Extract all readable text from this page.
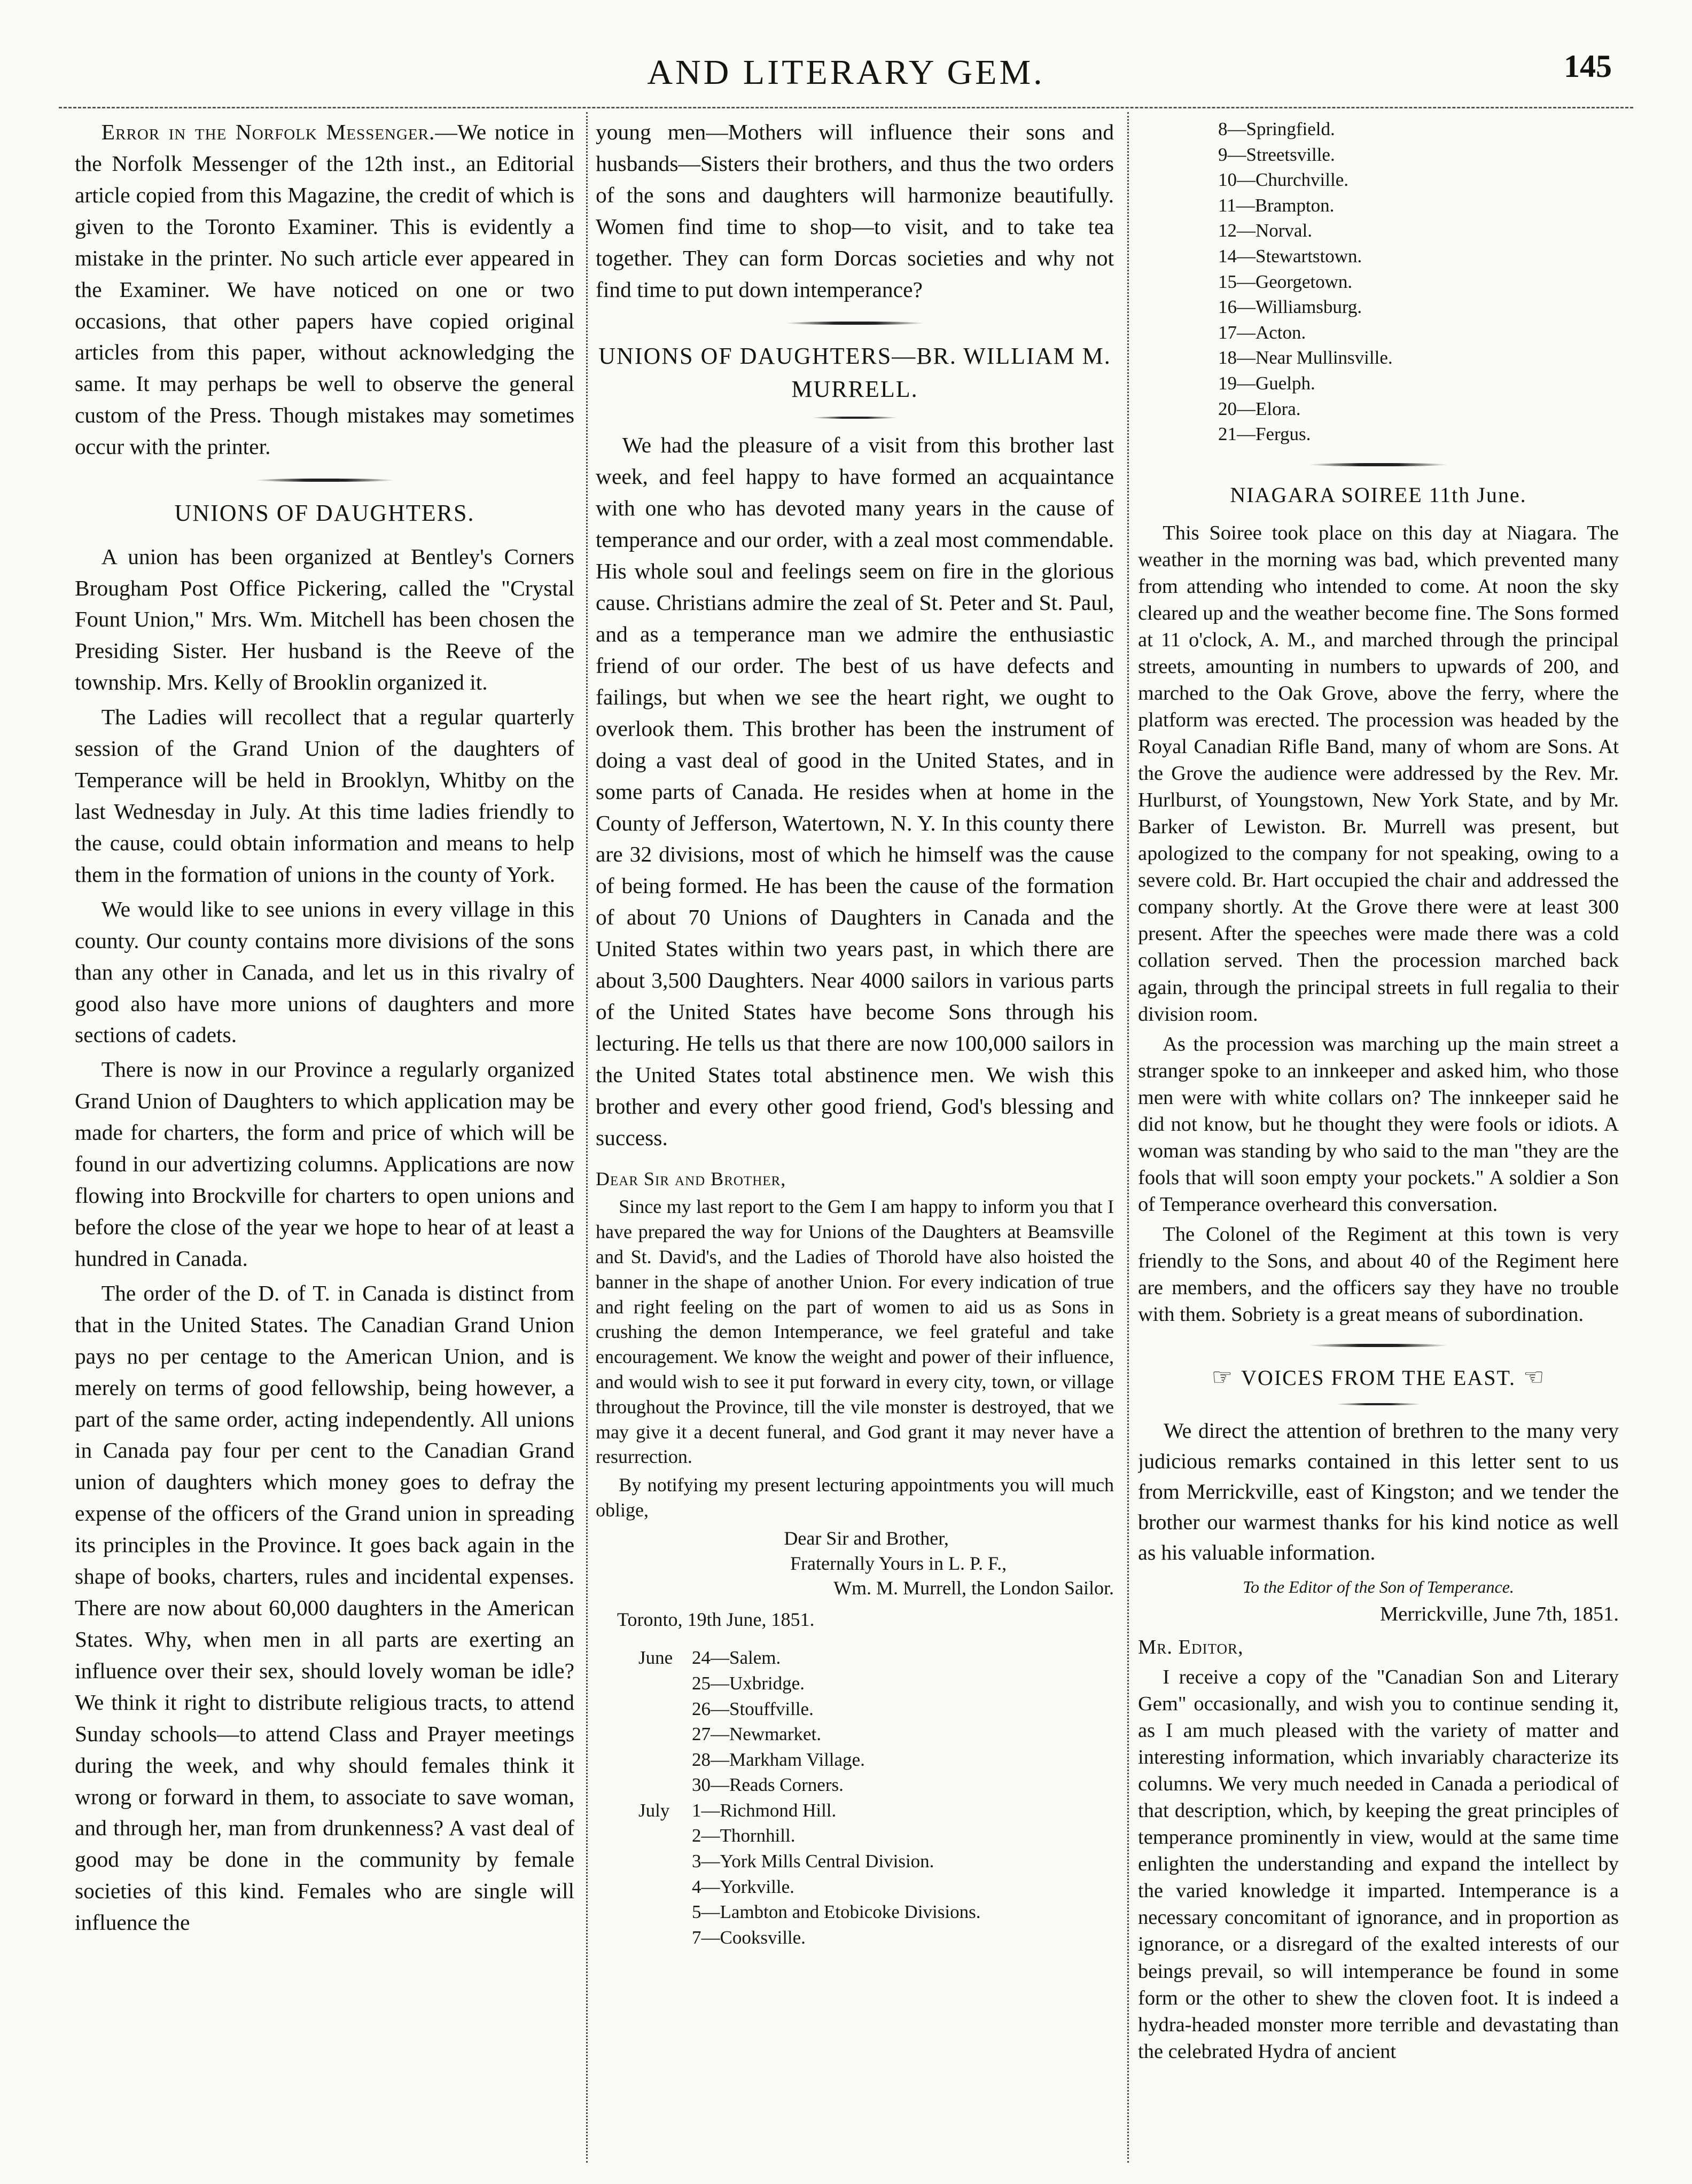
AND LITERARY GEM.	145

Error in the Norfolk Messenger.—We notice in the Norfolk Messenger of the 12th inst., an Editorial article copied from this Magazine, the credit of which is given to the Toronto Examiner. This is evidently a mistake in the printer. No such article ever appeared in the Examiner. We have noticed on one or two occasions, that other papers have copied original articles from this paper, without acknowledging the same. It may perhaps be well to observe the general custom of the Press. Though mistakes may sometimes occur with the printer.

UNIONS OF DAUGHTERS.

A union has been organized at Bentley's Corners Brougham Post Office Pickering, called the "Crystal Fount Union," Mrs. Wm. Mitchell has been chosen the Presiding Sister. Her husband is the Reeve of the township. Mrs. Kelly of Brooklin organized it.

The Ladies will recollect that a regular quarterly session of the Grand Union of the daughters of Temperance will be held in Brooklyn, Whitby on the last Wednesday in July. At this time ladies friendly to the cause, could obtain information and means to help them in the formation of unions in the county of York.

We would like to see unions in every village in this county. Our county contains more divisions of the sons than any other in Canada, and let us in this rivalry of good also have more unions of daughters and more sections of cadets.

There is now in our Province a regularly organized Grand Union of Daughters to which application may be made for charters, the form and price of which will be found in our advertizing columns. Applications are now flowing into Brockville for charters to open unions and before the close of the year we hope to hear of at least a hundred in Canada.

The order of the D. of T. in Canada is distinct from that in the United States. The Canadian Grand Union pays no per centage to the American Union, and is merely on terms of good fellowship, being however, a part of the same order, acting independently. All unions in Canada pay four per cent to the Canadian Grand union of daughters which money goes to defray the expense of the officers of the Grand union in spreading its principles in the Province. It goes back again in the shape of books, charters, rules and incidental expenses. There are now about 60,000 daughters in the American States. Why, when men in all parts are exerting an influence over their sex, should lovely woman be idle? We think it right to distribute religious tracts, to attend Sunday schools—to attend Class and Prayer meetings during the week, and why should females think it wrong or forward in them, to associate to save woman, and through her, man from drunkenness? A vast deal of good may be done in the community by female societies of this kind. Females who are single will influence the

young men—Mothers will influence their sons and husbands—Sisters their brothers, and thus the two orders of the sons and daughters will harmonize beautifully. Women find time to shop—to visit, and to take tea together. They can form Dorcas societies and why not find time to put down intemperance?

UNIONS OF DAUGHTERS—BR. WILLIAM M. MURRELL.

We had the pleasure of a visit from this brother last week, and feel happy to have formed an acquaintance with one who has devoted many years in the cause of temperance and our order, with a zeal most commendable. His whole soul and feelings seem on fire in the glorious cause. Christians admire the zeal of St. Peter and St. Paul, and as a temperance man we admire the enthusiastic friend of our order. The best of us have defects and failings, but when we see the heart right, we ought to overlook them. This brother has been the instrument of doing a vast deal of good in the United States, and in some parts of Canada. He resides when at home in the County of Jefferson, Watertown, N. Y. In this county there are 32 divisions, most of which he himself was the cause of being formed. He has been the cause of the formation of about 70 Unions of Daughters in Canada and the United States within two years past, in which there are about 3,500 Daughters. Near 4000 sailors in various parts of the United States have become Sons through his lecturing. He tells us that there are now 100,000 sailors in the United States total abstinence men. We wish this brother and every other good friend, God's blessing and success.

Dear Sir and Brother,

Since my last report to the Gem I am happy to inform you that I have prepared the way for Unions of the Daughters at Beamsville and St. David's, and the Ladies of Thorold have also hoisted the banner in the shape of another Union. For every indication of true and right feeling on the part of women to aid us as Sons in crushing the demon Intemperance, we feel grateful and take encouragement. We know the weight and power of their influence, and would wish to see it put forward in every city, town, or village throughout the Province, till the vile monster is destroyed, that we may give it a decent funeral, and God grant it may never have a resurrection.

By notifying my present lecturing appointments you will much oblige,

Dear Sir and Brother,

Fraternally Yours in L. P. F.,

Wm. M. Murrell, the London Sailor.

Toronto, 19th June, 1851.

June 24—Salem.
25—Uxbridge.
26—Stouffville.
27—Newmarket.
28—Markham Village.
30—Reads Corners.
July 1—Richmond Hill.
2—Thornhill.
3—York Mills Central Division.
4—Yorkville.
5—Lambton and Etobicoke Divisions.
7—Cooksville.
8—Springfield.
9—Streetsville.
10—Churchville.
11—Brampton.
12—Norval.
14—Stewartstown.
15—Georgetown.
16—Williamsburg.
17—Acton.
18—Near Mullinsville.
19—Guelph.
20—Elora.
21—Fergus.
NIAGARA SOIREE 11th June.

This Soiree took place on this day at Niagara. The weather in the morning was bad, which prevented many from attending who intended to come. At noon the sky cleared up and the weather become fine. The Sons formed at 11 o'clock, A. M., and marched through the principal streets, amounting in numbers to upwards of 200, and marched to the Oak Grove, above the ferry, where the platform was erected. The procession was headed by the Royal Canadian Rifle Band, many of whom are Sons. At the Grove the audience were addressed by the Rev. Mr. Hurlburst, of Youngstown, New York State, and by Mr. Barker of Lewiston. Br. Murrell was present, but apologized to the company for not speaking, owing to a severe cold. Br. Hart occupied the chair and addressed the company shortly. At the Grove there were at least 300 present. After the speeches were made there was a cold collation served. Then the procession marched back again, through the principal streets in full regalia to their division room.

As the procession was marching up the main street a stranger spoke to an innkeeper and asked him, who those men were with white collars on? The innkeeper said he did not know, but he thought they were fools or idiots. A woman was standing by who said to the man "they are the fools that will soon empty your pockets." A soldier a Son of Temperance overheard this conversation.

The Colonel of the Regiment at this town is very friendly to the Sons, and about 40 of the Regiment here are members, and the officers say they have no trouble with them. Sobriety is a great means of subordination.

☞ VOICES FROM THE EAST. ☜

We direct the attention of brethren to the many very judicious remarks contained in this letter sent to us from Merrickville, east of Kingston; and we tender the brother our warmest thanks for his kind notice as well as his valuable information.

To the Editor of the Son of Temperance.

Merrickville, June 7th, 1851.

Mr. Editor,

I receive a copy of the "Canadian Son and Literary Gem" occasionally, and wish you to continue sending it, as I am much pleased with the variety of matter and interesting information, which invariably characterize its columns. We very much needed in Canada a periodical of that description, which, by keeping the great principles of temperance prominently in view, would at the same time enlighten the understanding and expand the intellect by the varied knowledge it imparted. Intemperance is a necessary concomitant of ignorance, and in proportion as ignorance, or a disregard of the exalted interests of our beings prevail, so will intemperance be found in some form or the other to shew the cloven foot. It is indeed a hydra-headed monster more terrible and devastating than the celebrated Hydra of ancient
